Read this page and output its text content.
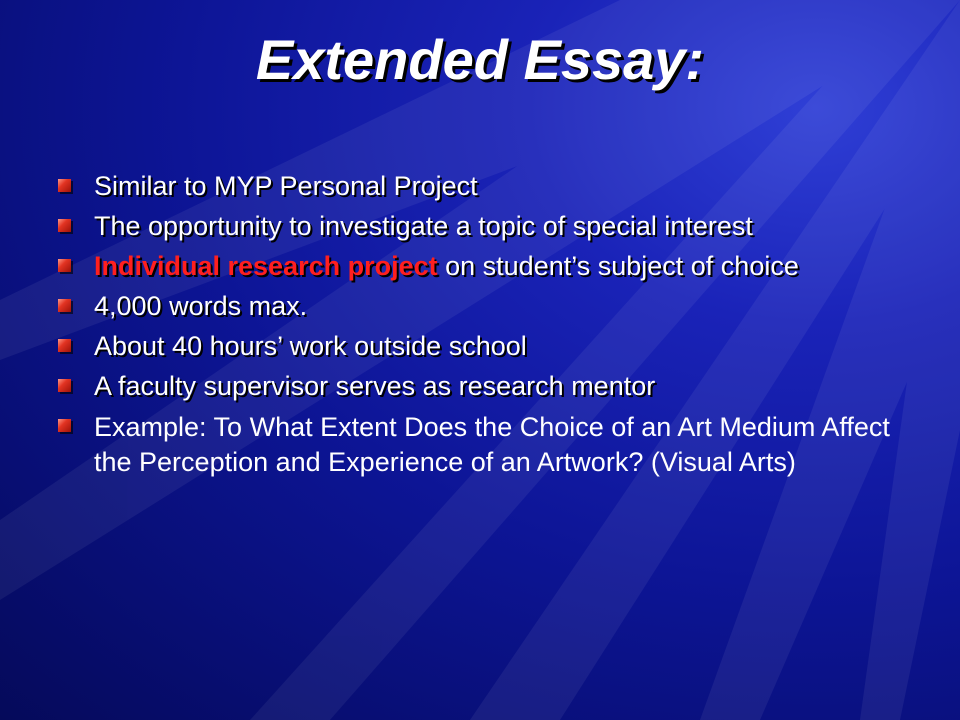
Extended Essay:
Similar to MYP Personal Project
The opportunity to investigate a topic of special interest
Individual research project on student’s subject of choice
4,000 words max.
About 40 hours’ work outside school
A faculty supervisor serves as research mentor
Example: To What Extent Does the Choice of an Art Medium Affect the Perception and Experience of an Artwork? (Visual Arts)
